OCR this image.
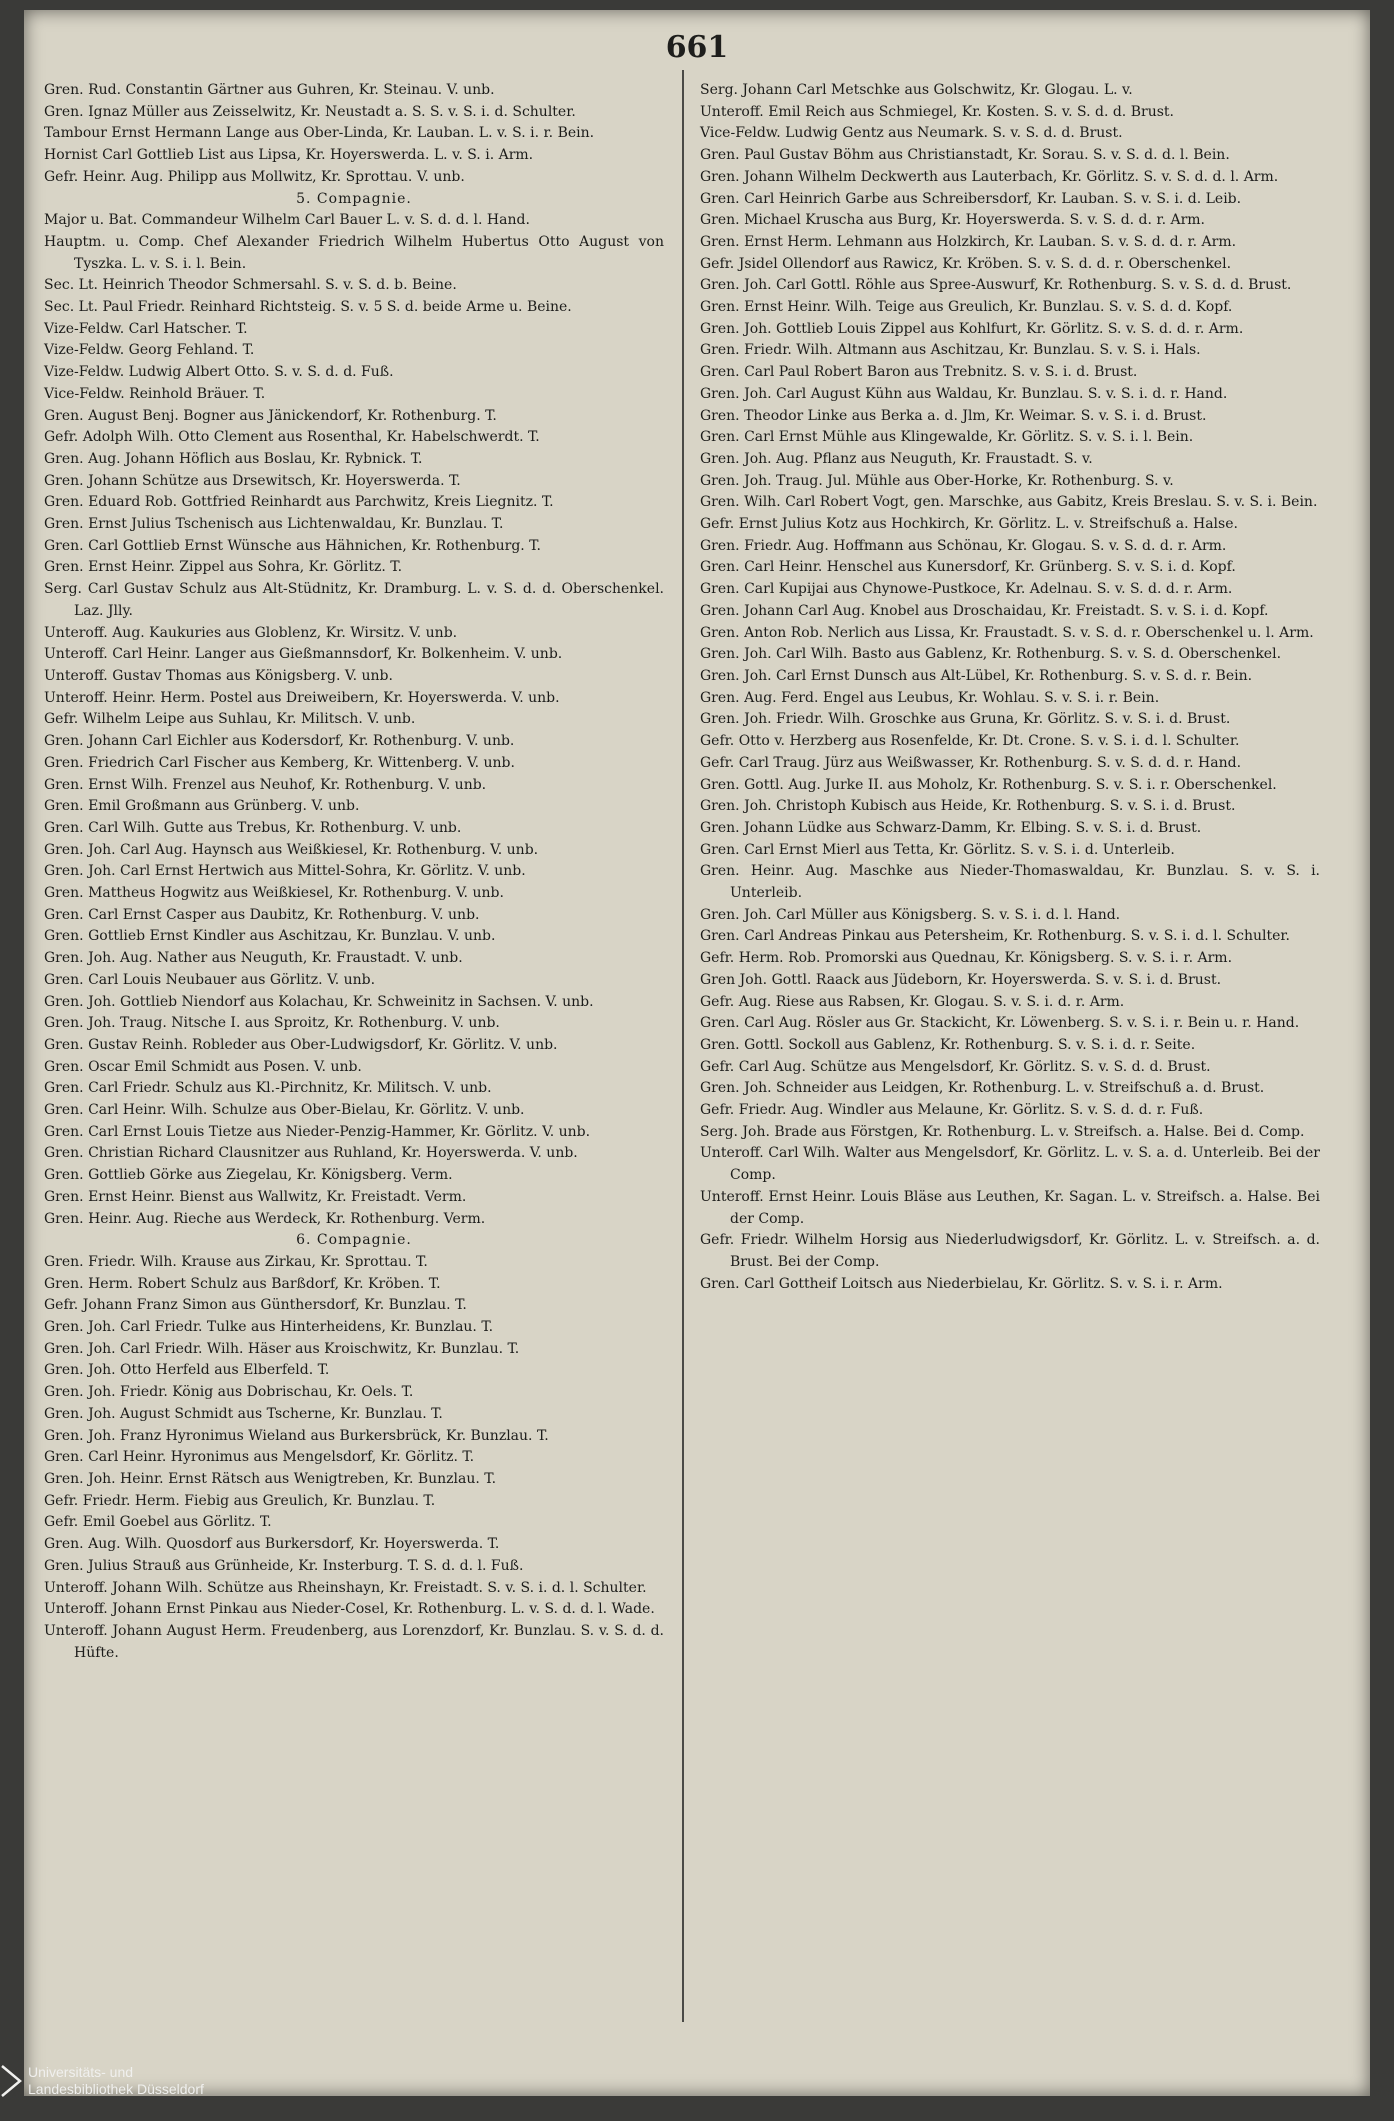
661

Gren. Rud. Constantin Gärtner aus Guhren, Kr. Steinau. V. unb.

Gren. Ignaz Müller aus Zeisselwitz, Kr. Neustadt a. S. S. v. S. i. d. Schulter.

Tambour Ernst Hermann Lange aus Ober-Linda, Kr. Lauban. L. v. S. i. r. Bein.

Hornist Carl Gottlieb List aus Lipsa, Kr. Hoyerswerda. L. v. S. i. Arm.

Gefr. Heinr. Aug. Philipp aus Mollwitz, Kr. Sprottau. V. unb.

5. Compagnie.

Major u. Bat. Commandeur Wilhelm Carl Bauer L. v. S. d. d. l. Hand.

Hauptm. u. Comp. Chef Alexander Friedrich Wilhelm Hubertus Otto August von Tyszka. L. v. S. i. l. Bein.

Sec. Lt. Heinrich Theodor Schmersahl. S. v. S. d. b. Beine.

Sec. Lt. Paul Friedr. Reinhard Richtsteig. S. v. 5 S. d. beide Arme u. Beine.

Vize-Feldw. Carl Hatscher. T.

Vize-Feldw. Georg Fehland. T.

Vize-Feldw. Ludwig Albert Otto. S. v. S. d. d. Fuß.

Vice-Feldw. Reinhold Bräuer. T.

Gren. August Benj. Bogner aus Jänickendorf, Kr. Rothenburg. T.

Gefr. Adolph Wilh. Otto Clement aus Rosenthal, Kr. Habelschwerdt. T.

Gren. Aug. Johann Höflich aus Boslau, Kr. Rybnick. T.

Gren. Johann Schütze aus Drsewitsch, Kr. Hoyerswerda. T.

Gren. Eduard Rob. Gottfried Reinhardt aus Parchwitz, Kreis Liegnitz. T.

Gren. Ernst Julius Tschenisch aus Lichtenwaldau, Kr. Bunzlau. T.

Gren. Carl Gottlieb Ernst Wünsche aus Hähnichen, Kr. Rothenburg. T.

Gren. Ernst Heinr. Zippel aus Sohra, Kr. Görlitz. T.

Serg. Carl Gustav Schulz aus Alt-Stüdnitz, Kr. Dramburg. L. v. S. d. d. Oberschenkel. Laz. Jlly.

Unteroff. Aug. Kaukuries aus Globlenz, Kr. Wirsitz. V. unb.

Unteroff. Carl Heinr. Langer aus Gießmannsdorf, Kr. Bolkenheim. V. unb.

Unteroff. Gustav Thomas aus Königsberg. V. unb.

Unteroff. Heinr. Herm. Postel aus Dreiweibern, Kr. Hoyerswerda. V. unb.

Gefr. Wilhelm Leipe aus Suhlau, Kr. Militsch. V. unb.

Gren. Johann Carl Eichler aus Kodersdorf, Kr. Rothenburg. V. unb.

Gren. Friedrich Carl Fischer aus Kemberg, Kr. Wittenberg. V. unb.

Gren. Ernst Wilh. Frenzel aus Neuhof, Kr. Rothenburg. V. unb.

Gren. Emil Großmann aus Grünberg. V. unb.

Gren. Carl Wilh. Gutte aus Trebus, Kr. Rothenburg. V. unb.

Gren. Joh. Carl Aug. Haynsch aus Weißkiesel, Kr. Rothenburg. V. unb.

Gren. Joh. Carl Ernst Hertwich aus Mittel-Sohra, Kr. Görlitz. V. unb.

Gren. Mattheus Hogwitz aus Weißkiesel, Kr. Rothenburg. V. unb.

Gren. Carl Ernst Casper aus Daubitz, Kr. Rothenburg. V. unb.

Gren. Gottlieb Ernst Kindler aus Aschitzau, Kr. Bunzlau. V. unb.

Gren. Joh. Aug. Nather aus Neuguth, Kr. Fraustadt. V. unb.

Gren. Carl Louis Neubauer aus Görlitz. V. unb.

Gren. Joh. Gottlieb Niendorf aus Kolachau, Kr. Schweinitz in Sachsen. V. unb.

Gren. Joh. Traug. Nitsche I. aus Sproitz, Kr. Rothenburg. V. unb.

Gren. Gustav Reinh. Robleder aus Ober-Ludwigsdorf, Kr. Görlitz. V. unb.

Gren. Oscar Emil Schmidt aus Posen. V. unb.

Gren. Carl Friedr. Schulz aus Kl.-Pirchnitz, Kr. Militsch. V. unb.

Gren. Carl Heinr. Wilh. Schulze aus Ober-Bielau, Kr. Görlitz. V. unb.

Gren. Carl Ernst Louis Tietze aus Nieder-Penzig-Hammer, Kr. Görlitz. V. unb.

Gren. Christian Richard Clausnitzer aus Ruhland, Kr. Hoyerswerda. V. unb.

Gren. Gottlieb Görke aus Ziegelau, Kr. Königsberg. Verm.

Gren. Ernst Heinr. Bienst aus Wallwitz, Kr. Freistadt. Verm.

Gren. Heinr. Aug. Rieche aus Werdeck, Kr. Rothenburg. Verm.

6. Compagnie.

Gren. Friedr. Wilh. Krause aus Zirkau, Kr. Sprottau. T.

Gren. Herm. Robert Schulz aus Barßdorf, Kr. Kröben. T.

Gefr. Johann Franz Simon aus Günthersdorf, Kr. Bunzlau. T.

Gren. Joh. Carl Friedr. Tulke aus Hinterheidens, Kr. Bunzlau. T.

Gren. Joh. Carl Friedr. Wilh. Häser aus Kroischwitz, Kr. Bunzlau. T.

Gren. Joh. Otto Herfeld aus Elberfeld. T.

Gren. Joh. Friedr. König aus Dobrischau, Kr. Oels. T.

Gren. Joh. August Schmidt aus Tscherne, Kr. Bunzlau. T.

Gren. Joh. Franz Hyronimus Wieland aus Burkersbrück, Kr. Bunzlau. T.

Gren. Carl Heinr. Hyronimus aus Mengelsdorf, Kr. Görlitz. T.

Gren. Joh. Heinr. Ernst Rätsch aus Wenigtreben, Kr. Bunzlau. T.

Gefr. Friedr. Herm. Fiebig aus Greulich, Kr. Bunzlau. T.

Gefr. Emil Goebel aus Görlitz. T.

Gren. Aug. Wilh. Quosdorf aus Burkersdorf, Kr. Hoyerswerda. T.

Gren. Julius Strauß aus Grünheide, Kr. Insterburg. T. S. d. d. l. Fuß.

Unteroff. Johann Wilh. Schütze aus Rheinshayn, Kr. Freistadt. S. v. S. i. d. l. Schulter.

Unteroff. Johann Ernst Pinkau aus Nieder-Cosel, Kr. Rothenburg. L. v. S. d. d. l. Wade.

Unteroff. Johann August Herm. Freudenberg, aus Lorenzdorf, Kr. Bunzlau. S. v. S. d. d. Hüfte.

Serg. Johann Carl Metschke aus Golschwitz, Kr. Glogau. L. v.

Unteroff. Emil Reich aus Schmiegel, Kr. Kosten. S. v. S. d. d. Brust.

Vice-Feldw. Ludwig Gentz aus Neumark. S. v. S. d. d. Brust.

Gren. Paul Gustav Böhm aus Christianstadt, Kr. Sorau. S. v. S. d. d. l. Bein.

Gren. Johann Wilhelm Deckwerth aus Lauterbach, Kr. Görlitz. S. v. S. d. d. l. Arm.

Gren. Carl Heinrich Garbe aus Schreibersdorf, Kr. Lauban. S. v. S. i. d. Leib.

Gren. Michael Kruscha aus Burg, Kr. Hoyerswerda. S. v. S. d. d. r. Arm.

Gren. Ernst Herm. Lehmann aus Holzkirch, Kr. Lauban. S. v. S. d. d. r. Arm.

Gefr. Jsidel Ollendorf aus Rawicz, Kr. Kröben. S. v. S. d. d. r. Oberschenkel.

Gren. Joh. Carl Gottl. Röhle aus Spree-Auswurf, Kr. Rothenburg. S. v. S. d. d. Brust.

Gren. Ernst Heinr. Wilh. Teige aus Greulich, Kr. Bunzlau. S. v. S. d. d. Kopf.

Gren. Joh. Gottlieb Louis Zippel aus Kohlfurt, Kr. Görlitz. S. v. S. d. d. r. Arm.

Gren. Friedr. Wilh. Altmann aus Aschitzau, Kr. Bunzlau. S. v. S. i. Hals.

Gren. Carl Paul Robert Baron aus Trebnitz. S. v. S. i. d. Brust.

Gren. Joh. Carl August Kühn aus Waldau, Kr. Bunzlau. S. v. S. i. d. r. Hand.

Gren. Theodor Linke aus Berka a. d. Jlm, Kr. Weimar. S. v. S. i. d. Brust.

Gren. Carl Ernst Mühle aus Klingewalde, Kr. Görlitz. S. v. S. i. l. Bein.

Gren. Joh. Aug. Pflanz aus Neuguth, Kr. Fraustadt. S. v.

Gren. Joh. Traug. Jul. Mühle aus Ober-Horke, Kr. Rothenburg. S. v.

Gren. Wilh. Carl Robert Vogt, gen. Marschke, aus Gabitz, Kreis Breslau. S. v. S. i. Bein.

Gefr. Ernst Julius Kotz aus Hochkirch, Kr. Görlitz. L. v. Streifschuß a. Halse.

Gren. Friedr. Aug. Hoffmann aus Schönau, Kr. Glogau. S. v. S. d. d. r. Arm.

Gren. Carl Heinr. Henschel aus Kunersdorf, Kr. Grünberg. S. v. S. i. d. Kopf.

Gren. Carl Kupijai aus Chynowe-Pustkoce, Kr. Adelnau. S. v. S. d. d. r. Arm.

Gren. Johann Carl Aug. Knobel aus Droschaidau, Kr. Freistadt. S. v. S. i. d. Kopf.

Gren. Anton Rob. Nerlich aus Lissa, Kr. Fraustadt. S. v. S. d. r. Oberschenkel u. l. Arm.

Gren. Joh. Carl Wilh. Basto aus Gablenz, Kr. Rothenburg. S. v. S. d. Oberschenkel.

Gren. Joh. Carl Ernst Dunsch aus Alt-Lübel, Kr. Rothenburg. S. v. S. d. r. Bein.

Gren. Aug. Ferd. Engel aus Leubus, Kr. Wohlau. S. v. S. i. r. Bein.

Gren. Joh. Friedr. Wilh. Groschke aus Gruna, Kr. Görlitz. S. v. S. i. d. Brust.

Gefr. Otto v. Herzberg aus Rosenfelde, Kr. Dt. Crone. S. v. S. i. d. l. Schulter.

Gefr. Carl Traug. Jürz aus Weißwasser, Kr. Rothenburg. S. v. S. d. d. r. Hand.

Gren. Gottl. Aug. Jurke II. aus Moholz, Kr. Rothenburg. S. v. S. i. r. Oberschenkel.

Gren. Joh. Christoph Kubisch aus Heide, Kr. Rothenburg. S. v. S. i. d. Brust.

Gren. Johann Lüdke aus Schwarz-Damm, Kr. Elbing. S. v. S. i. d. Brust.

Gren. Carl Ernst Mierl aus Tetta, Kr. Görlitz. S. v. S. i. d. Unterleib.

Gren. Heinr. Aug. Maschke aus Nieder-Thomaswaldau, Kr. Bunzlau. S. v. S. i. Unterleib.

Gren. Joh. Carl Müller aus Königsberg. S. v. S. i. d. l. Hand.

Gren. Carl Andreas Pinkau aus Petersheim, Kr. Rothenburg. S. v. S. i. d. l. Schulter.

Gefr. Herm. Rob. Promorski aus Quednau, Kr. Königsberg. S. v. S. i. r. Arm.

Gren Joh. Gottl. Raack aus Jüdeborn, Kr. Hoyerswerda. S. v. S. i. d. Brust.

Gefr. Aug. Riese aus Rabsen, Kr. Glogau. S. v. S. i. d. r. Arm.

Gren. Carl Aug. Rösler aus Gr. Stackicht, Kr. Löwenberg. S. v. S. i. r. Bein u. r. Hand.

Gren. Gottl. Sockoll aus Gablenz, Kr. Rothenburg. S. v. S. i. d. r. Seite.

Gefr. Carl Aug. Schütze aus Mengelsdorf, Kr. Görlitz. S. v. S. d. d. Brust.

Gren. Joh. Schneider aus Leidgen, Kr. Rothenburg. L. v. Streifschuß a. d. Brust.

Gefr. Friedr. Aug. Windler aus Melaune, Kr. Görlitz. S. v. S. d. d. r. Fuß.

Serg. Joh. Brade aus Förstgen, Kr. Rothenburg. L. v. Streifsch. a. Halse. Bei d. Comp.

Unteroff. Carl Wilh. Walter aus Mengelsdorf, Kr. Görlitz. L. v. S. a. d. Unterleib. Bei der Comp.

Unteroff. Ernst Heinr. Louis Bläse aus Leuthen, Kr. Sagan. L. v. Streifsch. a. Halse. Bei der Comp.

Gefr. Friedr. Wilhelm Horsig aus Niederludwigsdorf, Kr. Görlitz. L. v. Streifsch. a. d. Brust. Bei der Comp.

Gren. Carl Gottheif Loitsch aus Niederbielau, Kr. Görlitz. S. v. S. i. r. Arm.

Universitäts- und
Landesbibliothek Düsseldorf
